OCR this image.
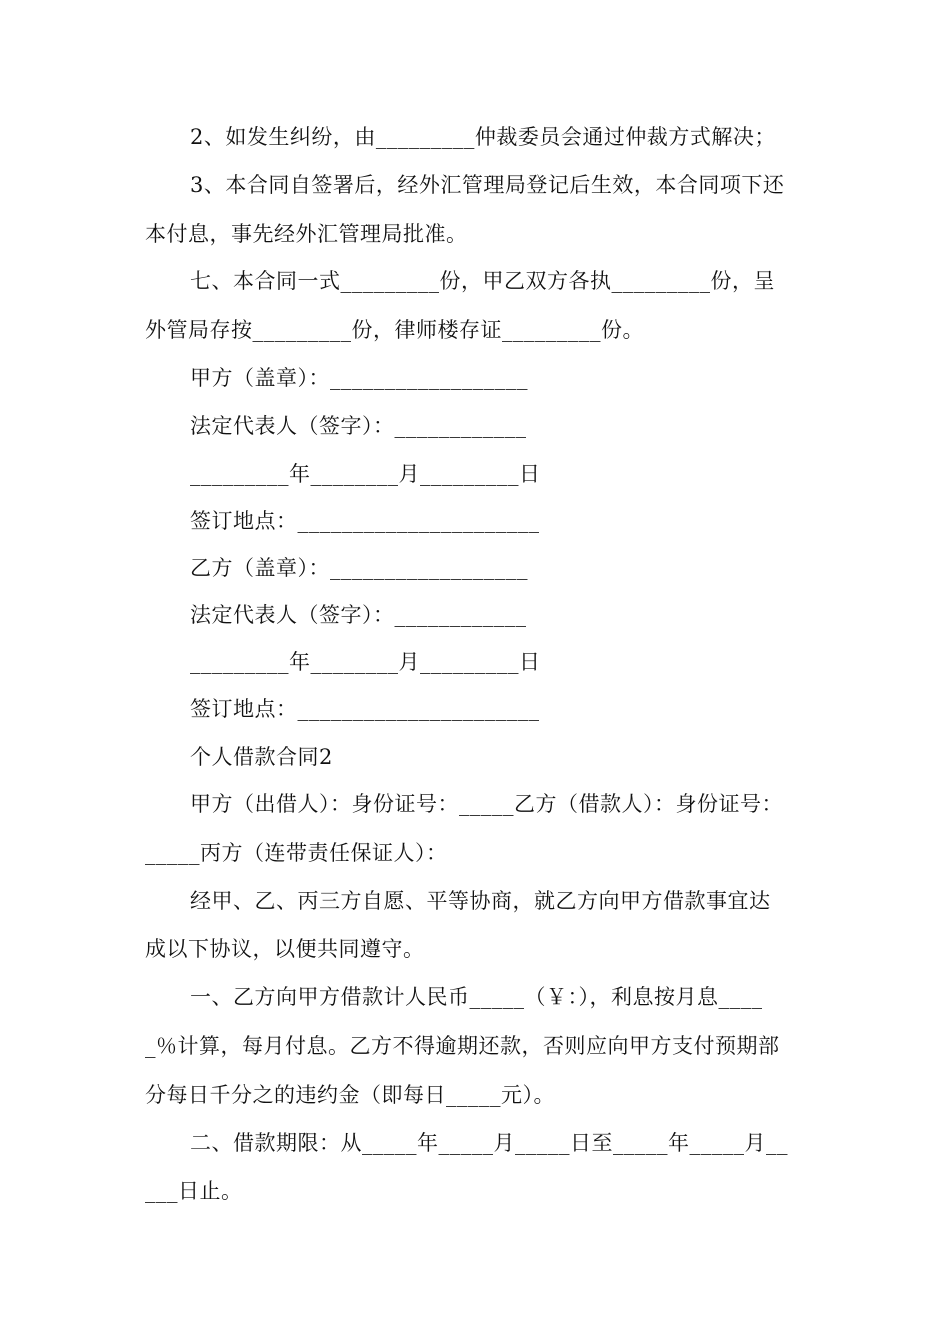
2、如发生纠纷，由_________仲裁委员会通过仲裁方式解决；
3、本合同自签署后，经外汇管理局登记后生效，本合同项下还
本付息，事先经外汇管理局批准。
七、本合同一式_________份，甲乙双方各执_________份，呈
外管局存按_________份，律师楼存证_________份。
甲方（盖章）：__________________
法定代表人（签字）：____________
_________年________月_________日
签订地点：______________________
乙方（盖章）：__________________
法定代表人（签字）：____________
_________年________月_________日
签订地点：______________________
个人借款合同2
甲方（出借人）：身份证号：_____乙方（借款人）：身份证号：
_____丙方（连带责任保证人）：
经甲、乙、丙三方自愿、平等协商，就乙方向甲方借款事宜达
成以下协议，以便共同遵守。
一、乙方向甲方借款计人民币_____（￥：），利息按月息____
_％计算，每月付息。乙方不得逾期还款，否则应向甲方支付预期部
分每日千分之的违约金（即每日_____元）。
二、借款期限：从_____年_____月_____日至_____年_____月__
___日止。
